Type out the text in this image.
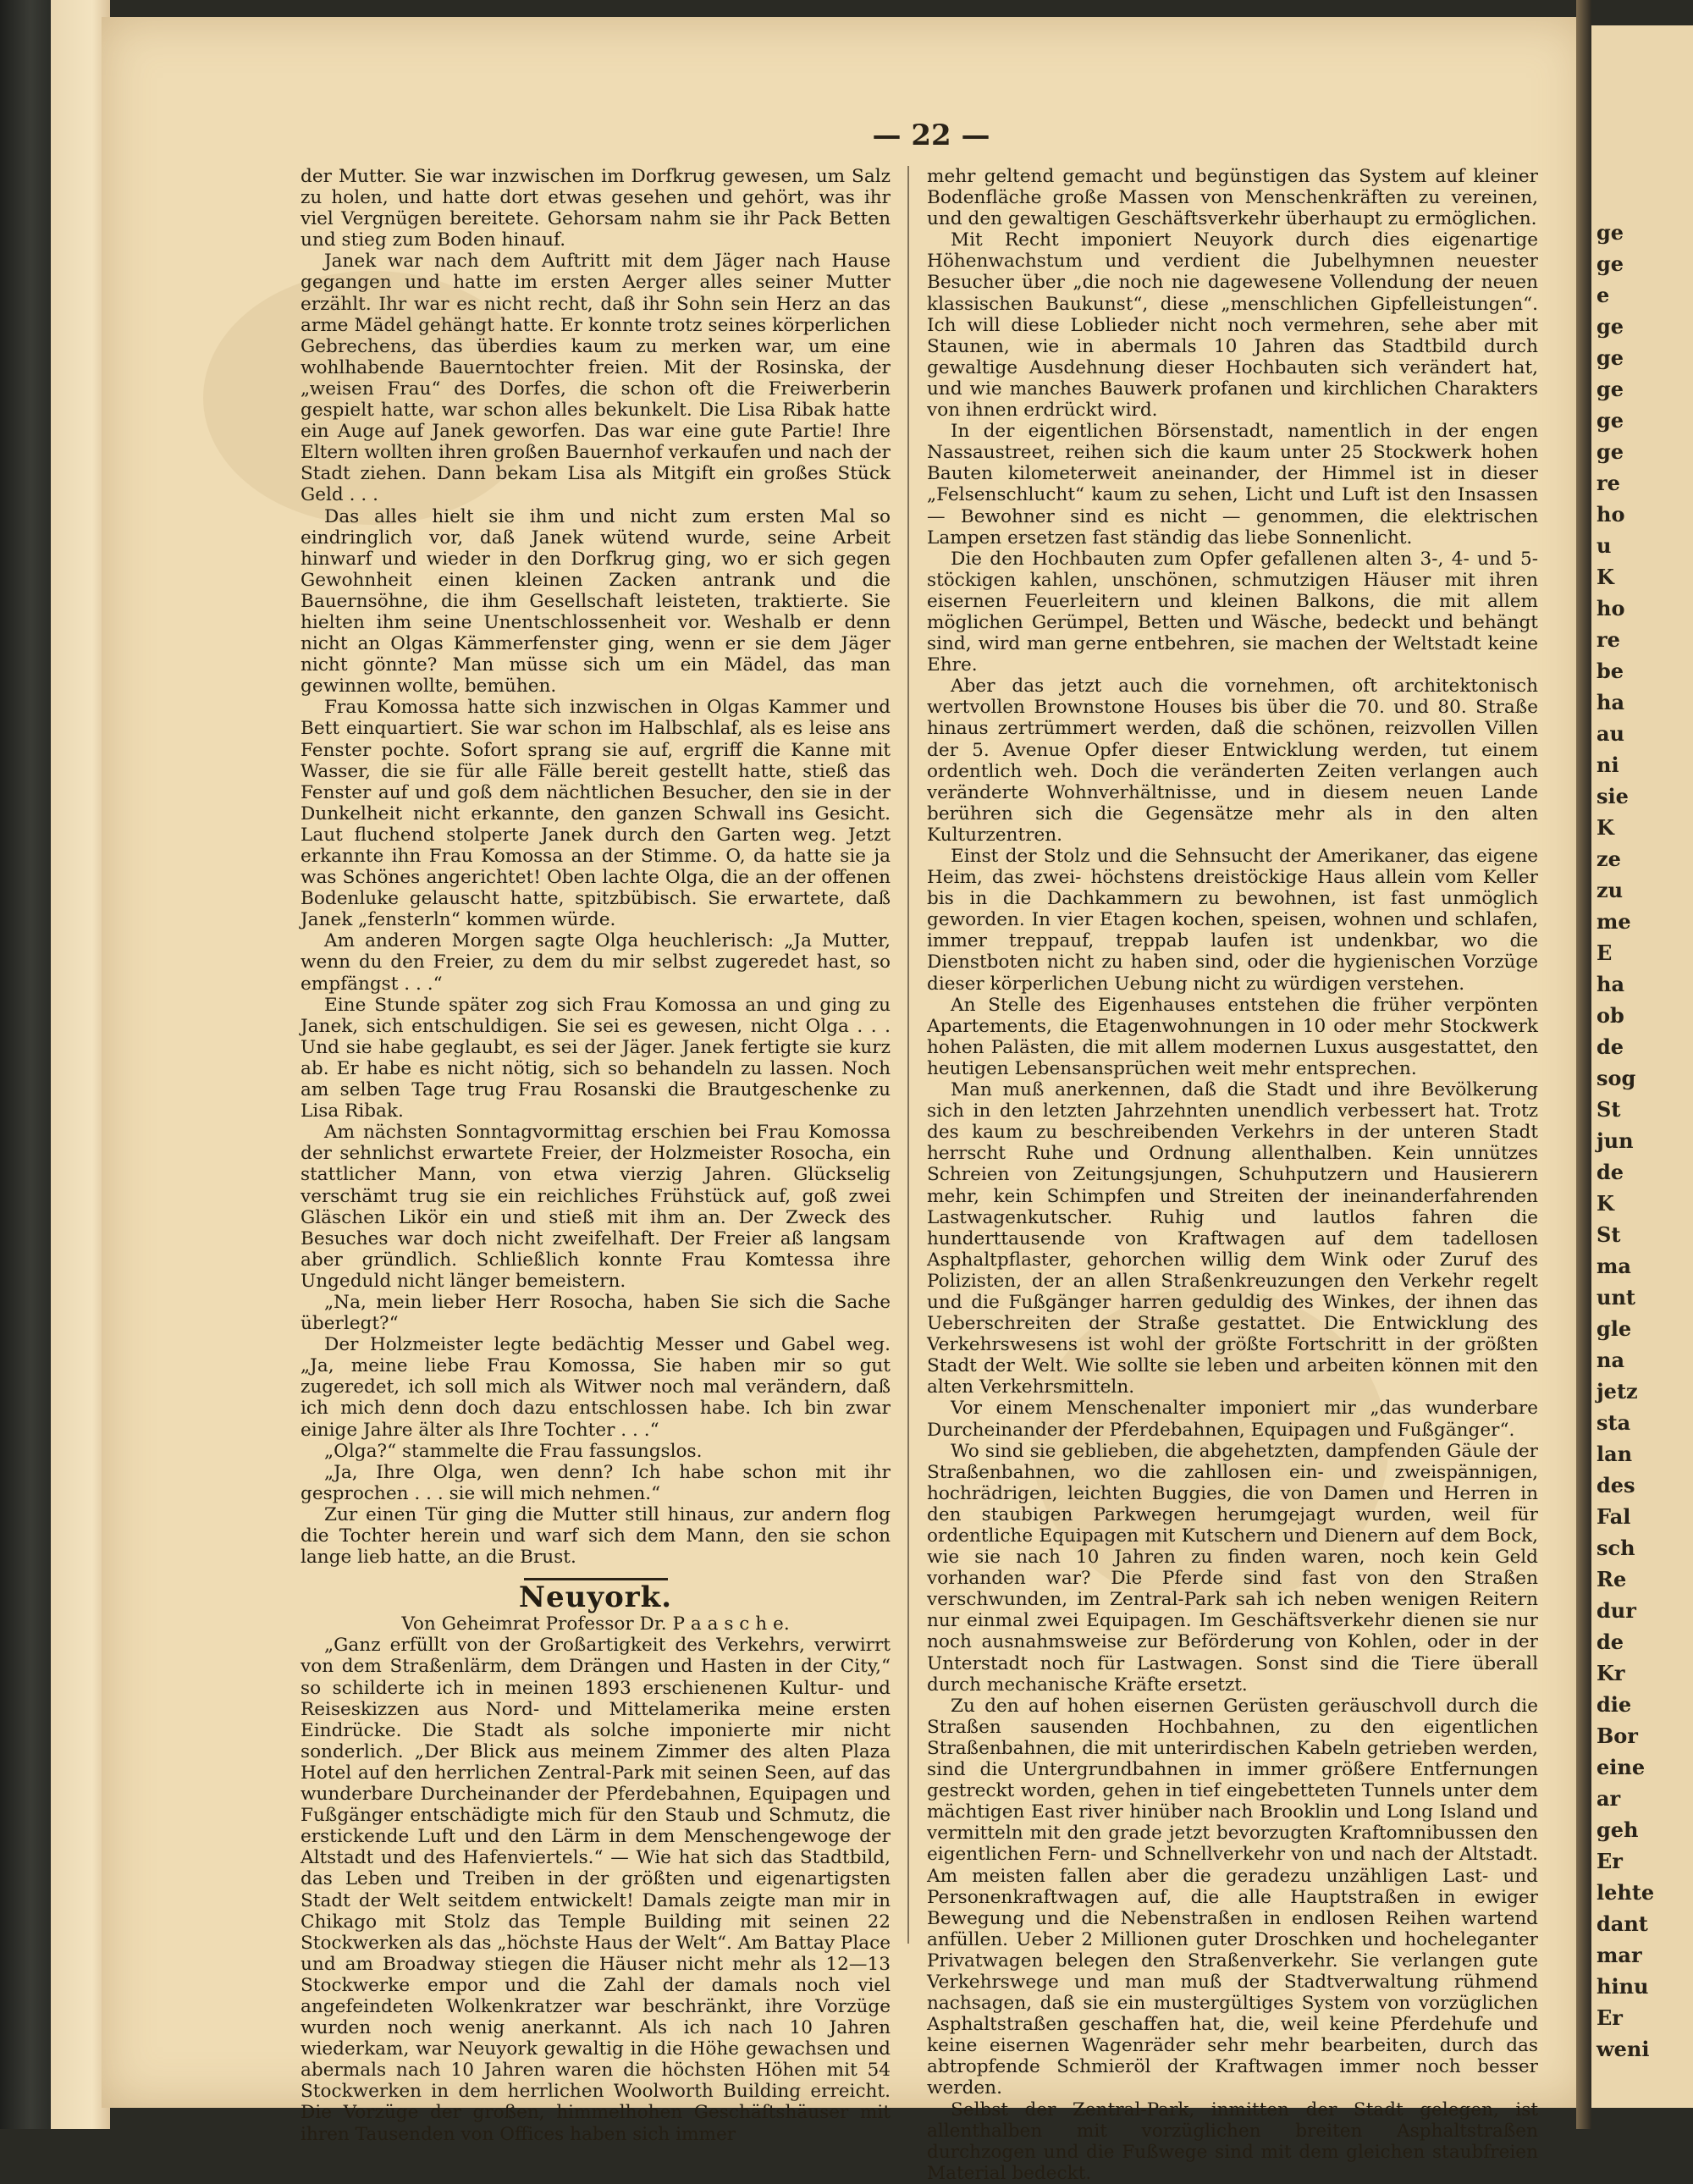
— 22 —

der Mutter. Sie war inzwischen im Dorfkrug gewesen, um Salz zu holen, und hatte dort etwas gesehen und gehört, was ihr viel Vergnügen bereitete. Gehorsam nahm sie ihr Pack Betten und stieg zum Boden hinauf.

Janek war nach dem Auftritt mit dem Jäger nach Hause gegangen und hatte im ersten Aerger alles seiner Mutter erzählt. Ihr war es nicht recht, daß ihr Sohn sein Herz an das arme Mädel gehängt hatte. Er konnte trotz seines körperlichen Gebrechens, das überdies kaum zu merken war, um eine wohlhabende Bauerntochter freien. Mit der Rosinska, der „weisen Frau“ des Dorfes, die schon oft die Freiwerberin gespielt hatte, war schon alles bekunkelt. Die Lisa Ribak hatte ein Auge auf Janek geworfen. Das war eine gute Partie! Ihre Eltern wollten ihren großen Bauernhof verkaufen und nach der Stadt ziehen. Dann bekam Lisa als Mitgift ein großes Stück Geld . . .

Das alles hielt sie ihm und nicht zum ersten Mal so eindringlich vor, daß Janek wütend wurde, seine Arbeit hinwarf und wieder in den Dorfkrug ging, wo er sich gegen Gewohnheit einen kleinen Zacken antrank und die Bauernsöhne, die ihm Gesellschaft leisteten, traktierte. Sie hielten ihm seine Unentschlossenheit vor. Weshalb er denn nicht an Olgas Kämmerfenster ging, wenn er sie dem Jäger nicht gönnte? Man müsse sich um ein Mädel, das man gewinnen wollte, bemühen.

Frau Komossa hatte sich inzwischen in Olgas Kammer und Bett einquartiert. Sie war schon im Halbschlaf, als es leise ans Fenster pochte. Sofort sprang sie auf, ergriff die Kanne mit Wasser, die sie für alle Fälle bereit gestellt hatte, stieß das Fenster auf und goß dem nächtlichen Besucher, den sie in der Dunkelheit nicht erkannte, den ganzen Schwall ins Gesicht. Laut fluchend stolperte Janek durch den Garten weg. Jetzt erkannte ihn Frau Komossa an der Stimme. O, da hatte sie ja was Schönes angerichtet! Oben lachte Olga, die an der offenen Bodenluke gelauscht hatte, spitzbübisch. Sie erwartete, daß Janek „fensterln“ kommen würde.

Am anderen Morgen sagte Olga heuchlerisch: „Ja Mutter, wenn du den Freier, zu dem du mir selbst zugeredet hast, so empfängst . . .“

Eine Stunde später zog sich Frau Komossa an und ging zu Janek, sich entschuldigen. Sie sei es gewesen, nicht Olga . . . Und sie habe geglaubt, es sei der Jäger. Janek fertigte sie kurz ab. Er habe es nicht nötig, sich so behandeln zu lassen. Noch am selben Tage trug Frau Rosanski die Brautgeschenke zu Lisa Ribak.

Am nächsten Sonntagvormittag erschien bei Frau Komossa der sehnlichst erwartete Freier, der Holzmeister Rosocha, ein stattlicher Mann, von etwa vierzig Jahren. Glückselig verschämt trug sie ein reichliches Frühstück auf, goß zwei Gläschen Likör ein und stieß mit ihm an. Der Zweck des Besuches war doch nicht zweifelhaft. Der Freier aß langsam aber gründlich. Schließlich konnte Frau Komtessa ihre Ungeduld nicht länger bemeistern.

„Na, mein lieber Herr Rosocha, haben Sie sich die Sache überlegt?“

Der Holzmeister legte bedächtig Messer und Gabel weg. „Ja, meine liebe Frau Komossa, Sie haben mir so gut zugeredet, ich soll mich als Witwer noch mal verändern, daß ich mich denn doch dazu entschlossen habe. Ich bin zwar einige Jahre älter als Ihre Tochter . . .“

„Olga?“ stammelte die Frau fassungslos.

„Ja, Ihre Olga, wen denn? Ich habe schon mit ihr gesprochen . . . sie will mich nehmen.“

Zur einen Tür ging die Mutter still hinaus, zur andern flog die Tochter herein und warf sich dem Mann, den sie schon lange lieb hatte, an die Brust.

Neuyork.

Von Geheimrat Professor Dr. P a a s c h e.

„Ganz erfüllt von der Großartigkeit des Verkehrs, verwirrt von dem Straßenlärm, dem Drängen und Hasten in der City,“ so schilderte ich in meinen 1893 erschienenen Kultur- und Reiseskizzen aus Nord- und Mittelamerika meine ersten Eindrücke. Die Stadt als solche imponierte mir nicht sonderlich. „Der Blick aus meinem Zimmer des alten Plaza Hotel auf den herrlichen Zentral-Park mit seinen Seen, auf das wunderbare Durcheinander der Pferdebahnen, Equipagen und Fußgänger entschädigte mich für den Staub und Schmutz, die erstickende Luft und den Lärm in dem Menschengewoge der Altstadt und des Hafenviertels.“ — Wie hat sich das Stadtbild, das Leben und Treiben in der größten und eigenartigsten Stadt der Welt seitdem entwickelt! Damals zeigte man mir in Chikago mit Stolz das Temple Building mit seinen 22 Stockwerken als das „höchste Haus der Welt“. Am Battay Place und am Broadway stiegen die Häuser nicht mehr als 12—13 Stockwerke empor und die Zahl der damals noch viel angefeindeten Wolkenkratzer war beschränkt, ihre Vorzüge wurden noch wenig anerkannt. Als ich nach 10 Jahren wiederkam, war Neuyork gewaltig in die Höhe gewachsen und abermals nach 10 Jahren waren die höchsten Höhen mit 54 Stockwerken in dem herrlichen Woolworth Building erreicht. Die Vorzüge der großen, himmelhohen Geschäftshäuser mit ihren Tausenden von Offices haben sich immer

mehr geltend gemacht und begünstigen das System auf kleiner Bodenfläche große Massen von Menschenkräften zu vereinen, und den gewaltigen Geschäftsverkehr überhaupt zu ermöglichen.

Mit Recht imponiert Neuyork durch dies eigenartige Höhenwachstum und verdient die Jubelhymnen neuester Besucher über „die noch nie dagewesene Vollendung der neuen klassischen Baukunst“, diese „menschlichen Gipfelleistungen“. Ich will diese Loblieder nicht noch vermehren, sehe aber mit Staunen, wie in abermals 10 Jahren das Stadtbild durch gewaltige Ausdehnung dieser Hochbauten sich verändert hat, und wie manches Bauwerk profanen und kirchlichen Charakters von ihnen erdrückt wird.

In der eigentlichen Börsenstadt, namentlich in der engen Nassaustreet, reihen sich die kaum unter 25 Stockwerk hohen Bauten kilometerweit aneinander, der Himmel ist in dieser „Felsenschlucht“ kaum zu sehen, Licht und Luft ist den Insassen — Bewohner sind es nicht — genommen, die elektrischen Lampen ersetzen fast ständig das liebe Sonnenlicht.

Die den Hochbauten zum Opfer gefallenen alten 3-, 4- und 5-stöckigen kahlen, unschönen, schmutzigen Häuser mit ihren eisernen Feuerleitern und kleinen Balkons, die mit allem möglichen Gerümpel, Betten und Wäsche, bedeckt und behängt sind, wird man gerne entbehren, sie machen der Weltstadt keine Ehre.

Aber das jetzt auch die vornehmen, oft architektonisch wertvollen Brownstone Houses bis über die 70. und 80. Straße hinaus zertrümmert werden, daß die schönen, reizvollen Villen der 5. Avenue Opfer dieser Entwicklung werden, tut einem ordentlich weh. Doch die veränderten Zeiten verlangen auch veränderte Wohnverhältnisse, und in diesem neuen Lande berühren sich die Gegensätze mehr als in den alten Kulturzentren.

Einst der Stolz und die Sehnsucht der Amerikaner, das eigene Heim, das zwei- höchstens dreistöckige Haus allein vom Keller bis in die Dachkammern zu bewohnen, ist fast unmöglich geworden. In vier Etagen kochen, speisen, wohnen und schlafen, immer treppauf, treppab laufen ist undenkbar, wo die Dienstboten nicht zu haben sind, oder die hygienischen Vorzüge dieser körperlichen Uebung nicht zu würdigen verstehen.

An Stelle des Eigenhauses entstehen die früher verpönten Apartements, die Etagenwohnungen in 10 oder mehr Stockwerk hohen Palästen, die mit allem modernen Luxus ausgestattet, den heutigen Lebensansprüchen weit mehr entsprechen.

Man muß anerkennen, daß die Stadt und ihre Bevölkerung sich in den letzten Jahrzehnten unendlich verbessert hat. Trotz des kaum zu beschreibenden Verkehrs in der unteren Stadt herrscht Ruhe und Ordnung allenthalben. Kein unnützes Schreien von Zeitungsjungen, Schuhputzern und Hausierern mehr, kein Schimpfen und Streiten der ineinanderfahrenden Lastwagenkutscher. Ruhig und lautlos fahren die hunderttausende von Kraftwagen auf dem tadellosen Asphaltpflaster, gehorchen willig dem Wink oder Zuruf des Polizisten, der an allen Straßenkreuzungen den Verkehr regelt und die Fußgänger harren geduldig des Winkes, der ihnen das Ueberschreiten der Straße gestattet. Die Entwicklung des Verkehrswesens ist wohl der größte Fortschritt in der größten Stadt der Welt. Wie sollte sie leben und arbeiten können mit den alten Verkehrsmitteln.

Vor einem Menschenalter imponiert mir „das wunderbare Durcheinander der Pferdebahnen, Equipagen und Fußgänger“.

Wo sind sie geblieben, die abgehetzten, dampfenden Gäule der Straßenbahnen, wo die zahllosen ein- und zweispännigen, hochrädrigen, leichten Buggies, die von Damen und Herren in den staubigen Parkwegen herumgejagt wurden, weil für ordentliche Equipagen mit Kutschern und Dienern auf dem Bock, wie sie nach 10 Jahren zu finden waren, noch kein Geld vorhanden war? Die Pferde sind fast von den Straßen verschwunden, im Zentral-Park sah ich neben wenigen Reitern nur einmal zwei Equipagen. Im Geschäftsverkehr dienen sie nur noch ausnahmsweise zur Beförderung von Kohlen, oder in der Unterstadt noch für Lastwagen. Sonst sind die Tiere überall durch mechanische Kräfte ersetzt.

Zu den auf hohen eisernen Gerüsten geräuschvoll durch die Straßen sausenden Hochbahnen, zu den eigentlichen Straßenbahnen, die mit unterirdischen Kabeln getrieben werden, sind die Untergrundbahnen in immer größere Entfernungen gestreckt worden, gehen in tief eingebetteten Tunnels unter dem mächtigen East river hinüber nach Brooklin und Long Island und vermitteln mit den grade jetzt bevorzugten Kraftomnibussen den eigentlichen Fern- und Schnellverkehr von und nach der Altstadt. Am meisten fallen aber die geradezu unzähligen Last- und Personenkraftwagen auf, die alle Hauptstraßen in ewiger Bewegung und die Nebenstraßen in endlosen Reihen wartend anfüllen. Ueber 2 Millionen guter Droschken und hocheleganter Privatwagen belegen den Straßenverkehr. Sie verlangen gute Verkehrswege und man muß der Stadtverwaltung rühmend nachsagen, daß sie ein mustergültiges System von vorzüglichen Asphaltstraßen geschaffen hat, die, weil keine Pferdehufe und keine eisernen Wagenräder sehr mehr bearbeiten, durch das abtropfende Schmieröl der Kraftwagen immer noch besser werden.

Selbst der Zentral-Park, inmitten der Stadt gelegen, ist allenthalben mit vorzüglichen breiten Asphaltstraßen durchzogen und die Fußwege sind mit dem gleichen staubfreien Material bedeckt.

ge
ge
e
ge
ge
ge
ge
ge
re
ho
u
K
ho
re
be
ha
au
ni
sie
K
ze
zu
me
E
ha
ob
de
sog
St
jun
de
K
St
ma
unt
gle
na
jetz
sta
lan
des
Fal
sch
Re
dur
de
Kr
die
Bor
eine
ar
geh
Er
lehte
dant
mar
hinu
Er
weni
